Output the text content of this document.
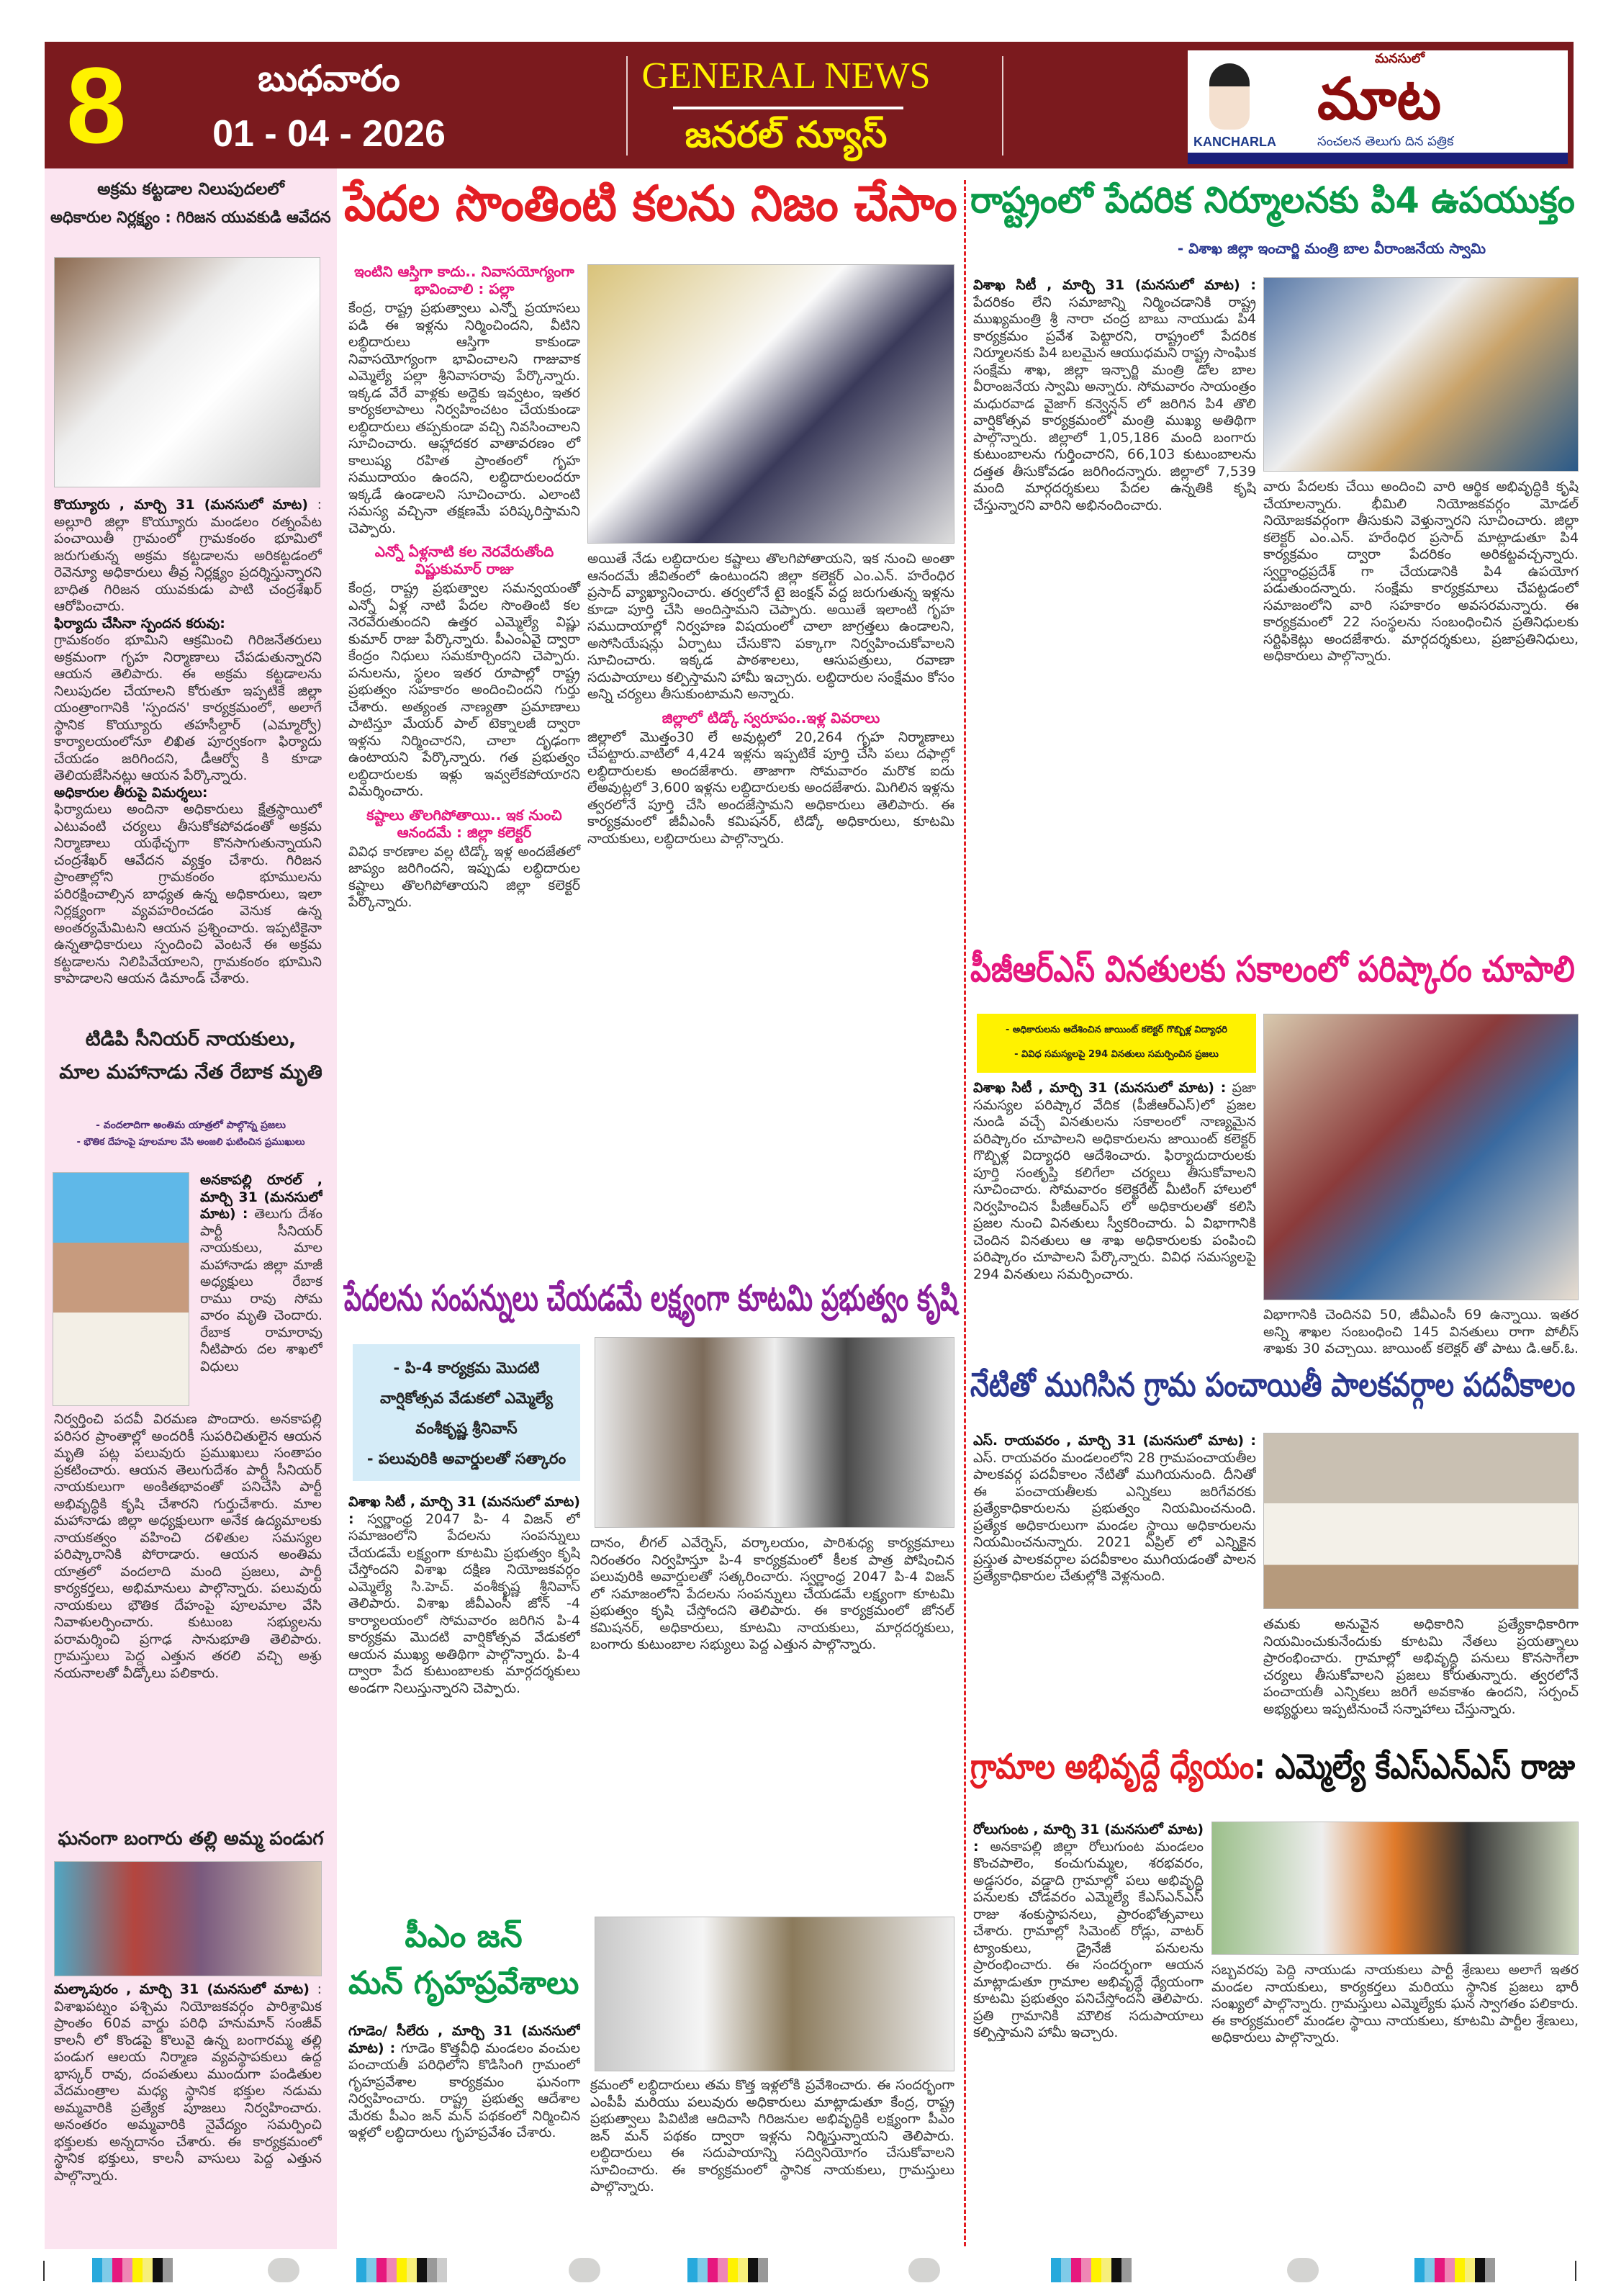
8	బుధవారం
01 - 04 - 2026
GENERAL NEWS
జనరల్ న్యూస్
మనసులో
మాట
KANCHARLA	సంచలన తెలుగు దిన పత్రిక
అక్రమ కట్టడాల నిలుపుదలలో
అధికారుల నిర్లక్ష్యం : గిరిజన యువకుడి ఆవేదన
కొయ్యూరు , మార్చి 31 (మనసులో మాట) : అల్లూరి జిల్లా కొయ్యూరు మండలం రత్నంపేట పంచాయితీ గ్రామంలో గ్రామకంఠం భూమిలో జరుగుతున్న అక్రమ కట్టడాలను అరికట్టడంలో రెవెన్యూ అధికారులు తీవ్ర నిర్లక్ష్యం ప్రదర్శిస్తున్నారని బాధిత గిరిజన యువకుడు పాటి చంద్రశేఖర్ ఆరోపించారు.
ఫిర్యాదు చేసినా స్పందన కరువు:
గ్రామకంఠం భూమిని ఆక్రమించి గిరిజనేతరులు అక్రమంగా గృహ నిర్మాణాలు చేపడుతున్నారని ఆయన తెలిపారు. ఈ అక్రమ కట్టడాలను నిలుపుదల చేయాలని కోరుతూ ఇప్పటికే జిల్లా యంత్రాంగానికి 'స్పందన' కార్యక్రమంలో, అలాగే స్థానిక కొయ్యూరు తహసీల్దార్ (ఎమ్మార్వో) కార్యాలయంలోనూ లిఖిత పూర్వకంగా ఫిర్యాదు చేయడం జరిగిందని, డీఆర్వో కి కూడా తెలియజేసినట్లు ఆయన పేర్కొన్నారు.
అధికారుల తీరుపై విమర్శలు:
ఫిర్యాదులు అందినా అధికారులు క్షేత్రస్థాయిలో ఎటువంటి చర్యలు తీసుకోకపోవడంతో అక్రమ నిర్మాణాలు యథేచ్ఛగా కొనసాగుతున్నాయని చంద్రశేఖర్ ఆవేదన వ్యక్తం చేశారు. గిరిజన ప్రాంతాల్లోని గ్రామకంఠం భూములను పరిరక్షించాల్సిన బాధ్యత ఉన్న అధికారులు, ఇలా నిర్లక్ష్యంగా వ్యవహరించడం వెనుక ఉన్న అంతర్యమేమిటని ఆయన ప్రశ్నించారు. ఇప్పటికైనా ఉన్నతాధికారులు స్పందించి వెంటనే ఈ అక్రమ కట్టడాలను నిలిపివేయాలని, గ్రామకంఠం భూమిని కాపాడాలని ఆయన డిమాండ్ చేశారు.
టిడిపి సీనియర్ నాయకులు,
మాల మహానాడు నేత రేబాక మృతి
- వందలాదిగా అంతిమ యాత్రలో పాల్గొన్న ప్రజలు
- భౌతిక దేహంపై పూలమాల వేసి అంజలి ఘటించిన ప్రముఖులు
అనకాపల్లి రూరల్ , మార్చి 31 (మనసులో మాట) : తెలుగు దేశం పార్టీ సీనియర్ నాయకులు, మాల మహానాడు జిల్లా మాజీ అధ్యక్షులు రేబాక రాము రావు సోమ వారం మృతి చెందారు. రేబాక రామారావు నీటిపారు దల శాఖలో విధులు
నిర్వర్తించి పదవీ విరమణ పొందారు. అనకాపల్లి పరిసర ప్రాంతాల్లో అందరికీ సుపరిచితులైన ఆయన మృతి పట్ల పలువురు ప్రముఖులు సంతాపం ప్రకటించారు. ఆయన తెలుగుదేశం పార్టీ సీనియర్ నాయకులుగా అంకితభావంతో పనిచేసి పార్టీ అభివృద్ధికి కృషి చేశారని గుర్తుచేశారు. మాల మహానాడు జిల్లా అధ్యక్షులుగా అనేక ఉద్యమాలకు నాయకత్వం వహించి దళితుల సమస్యల పరిష్కారానికి పోరాడారు. ఆయన అంతిమ యాత్రలో వందలాది మంది ప్రజలు, పార్టీ కార్యకర్తలు, అభిమానులు పాల్గొన్నారు. పలువురు నాయకులు భౌతిక దేహంపై పూలమాల వేసి నివాళులర్పించారు. కుటుంబ సభ్యులను పరామర్శించి ప్రగాఢ సానుభూతి తెలిపారు. గ్రామస్తులు పెద్ద ఎత్తున తరలి వచ్చి అశ్రు నయనాలతో వీడ్కోలు పలికారు.
ఘనంగా బంగారు తల్లి అమ్మ పండుగ
మల్కాపురం , మార్చి 31 (మనసులో మాట) : విశాఖపట్నం పశ్చిమ నియోజకవర్గం పారిశ్రామిక ప్రాంతం 60వ వార్డు పరిధి హనుమాన్ సంజీవ్ కాలనీ లో కొండపై కొలువై ఉన్న బంగారమ్మ తల్లి పండుగ ఆలయ నిర్మాణ వ్యవస్థాపకులు ఉద్ద భాస్కర్ రావు, దంపతులు ముందుగా పండితుల వేదమంత్రాల మధ్య స్థానిక భక్తుల నడుమ అమ్మవారికి ప్రత్యేక పూజలు నిర్వహించారు. అనంతరం అమ్మవారికి నైవేద్యం సమర్పించి భక్తులకు అన్నదానం చేశారు. ఈ కార్యక్రమంలో స్థానిక భక్తులు, కాలనీ వాసులు పెద్ద ఎత్తున పాల్గొన్నారు.
పేదల సొంతింటి కలను నిజం చేసాం
ఇంటిని ఆస్తిగా కాదు.. నివాసయోగ్యంగా భావించాలి : పల్లా
కేంద్ర, రాష్ట్ర ప్రభుత్వాలు ఎన్నో ప్రయాసలు పడి ఈ ఇళ్లను నిర్మించిందని, వీటిని లబ్ధిదారులు ఆస్తిగా కాకుండా నివాసయోగ్యంగా భావించాలని గాజువాక ఎమ్మెల్యే పల్లా శ్రీనివాసరావు పేర్కొన్నారు. ఇక్కడ వేరే వాళ్లకు అద్దెకు ఇవ్వటం, ఇతర కార్యకలాపాలు నిర్వహించటం చేయకుండా లబ్ధిదారులు తప్పకుండా వచ్చి నివసించాలని సూచించారు. ఆహ్లాదకర వాతావరణం లో కాలుష్య రహిత ప్రాంతంలో గృహ సముదాయం ఉందని, లబ్ధిదారులందరూ ఇక్కడే ఉండాలని సూచించారు. ఎలాంటి సమస్య వచ్చినా తక్షణమే పరిష్కరిస్తామని చెప్పారు.
ఎన్నో ఏళ్లనాటి కల నెరవేరుతోంది విష్ణుకుమార్ రాజు
కేంద్ర, రాష్ట్ర ప్రభుత్వాల సమన్వయంతో ఎన్నో ఏళ్ల నాటి పేదల సొంతింటి కల నెరవేరుతుందని ఉత్తర ఎమ్మెల్యే విష్ణు కుమార్ రాజు పేర్కొన్నారు. పీఎంఏవై ద్వారా కేంద్రం నిధులు సమకూర్చిందని చెప్పారు. పనులను, స్థలం ఇతర రూపాల్లో రాష్ట్ర ప్రభుత్వం సహకారం అందించిందని గుర్తు చేశారు. అత్యంత నాణ్యతా ప్రమాణాలు పాటిస్తూ మేయర్ పాల్ టెక్నాలజీ ద్వారా ఇళ్లను నిర్మించారని, చాలా దృఢంగా ఉంటాయని పేర్కొన్నారు. గత ప్రభుత్వం లబ్ధిదారులకు ఇళ్లు ఇవ్వలేకపోయారని విమర్శించారు.
కష్టాలు తొలగిపోతాయి.. ఇక నుంచి ఆనందమే : జిల్లా కలెక్టర్
వివిధ కారణాల వల్ల టిడ్కో ఇళ్ల అందజేతలో జాప్యం జరిగిందని, ఇప్పుడు లబ్ధిదారుల కష్టాలు తొలగిపోతాయని జిల్లా కలెక్టర్ పేర్కొన్నారు.
అయితే నేడు లబ్ధిదారుల కష్టాలు తొలగిపోతాయని, ఇక నుంచి అంతా ఆనందమే జీవితంలో ఉంటుందని జిల్లా కలెక్టర్ ఎం.ఎన్. హరేంధిర ప్రసాద్ వ్యాఖ్యానించారు. తర్వలోనే టై జంక్షన్ వద్ద జరుగుతున్న ఇళ్లను కూడా పూర్తి చేసి అందిస్తామని చెప్పారు. అయితే ఇలాంటి గృహ సముదాయాల్లో నిర్వహణ విషయంలో చాలా జాగ్రత్తలు ఉండాలని, అసోసియేషన్లు ఏర్పాటు చేసుకొని పక్కాగా నిర్వహించుకోవాలని సూచించారు. ఇక్కడ పాఠశాలలు, ఆసుపత్రులు, రవాణా సదుపాయాలు కల్పిస్తామని హామీ ఇచ్చారు. లబ్ధిదారుల సంక్షేమం కోసం అన్ని చర్యలు తీసుకుంటామని అన్నారు.
జిల్లాలో టిడ్కో స్వరూపం..ఇళ్ల వివరాలు
జిల్లాలో మొత్తం30 లే అవుట్లలో 20,264 గృహ నిర్మాణాలు చేపట్టారు.వాటిలో 4,424 ఇళ్లను ఇప్పటికే పూర్తి చేసి పలు దఫాల్లో లబ్ధిదారులకు అందజేశారు. తాజాగా సోమవారం మరొక ఐదు లేఅవుట్లలో 3,600 ఇళ్లను లబ్ధిదారులకు అందజేశారు. మిగిలిన ఇళ్లను త్వరలోనే పూర్తి చేసి అందజేస్తామని అధికారులు తెలిపారు. ఈ కార్యక్రమంలో జీవీఎంసీ కమిషనర్, టిడ్కో అధికారులు, కూటమి నాయకులు, లబ్ధిదారులు పాల్గొన్నారు.
పేదలను సంపన్నులు చేయడమే లక్ష్యంగా కూటమి ప్రభుత్వం కృషి
- పి-4 కార్యక్రమ మొదటి
వార్షికోత్సవ వేడుకలో ఎమ్మెల్యే
వంశీకృష్ణ శ్రీనివాస్
- పలువురికి అవార్డులతో సత్కారం
విశాఖ సిటీ , మార్చి 31 (మనసులో మాట) : స్వర్ణాంధ్ర 2047 పి- 4 విజన్ లో సమాజంలోని పేదలను సంపన్నులు చేయడమే లక్ష్యంగా కూటమి ప్రభుత్వం కృషి చేస్తోందని విశాఖ దక్షిణ నియోజకవర్గం ఎమ్మెల్యే సి.హెచ్. వంశీకృష్ణ శ్రీనివాస్ తెలిపారు. విశాఖ జీవీఎంసీ జోన్ -4 కార్యాలయంలో సోమవారం జరిగిన పి-4 కార్యక్రమ మొదటి వార్షికోత్సవ వేడుకలో ఆయన ముఖ్య అతిథిగా పాల్గొన్నారు. పి-4 ద్వారా పేద కుటుంబాలకు మార్గదర్శకులు అండగా నిలుస్తున్నారని చెప్పారు.
దానం, లీగల్ ఎవేర్నెస్, వర్కాలయం, పారిశుధ్య కార్యక్రమాలు నిరంతరం నిర్వహిస్తూ పి-4 కార్యక్రమంలో కీలక పాత్ర పోషించిన పలువురికి అవార్డులతో సత్కరించారు. స్వర్ణాంధ్ర 2047 పి-4 విజన్ లో సమాజంలోని పేదలను సంపన్నులు చేయడమే లక్ష్యంగా కూటమి ప్రభుత్వం కృషి చేస్తోందని తెలిపారు. ఈ కార్యక్రమంలో జోనల్ కమిషనర్, అధికారులు, కూటమి నాయకులు, మార్గదర్శకులు, బంగారు కుటుంబాల సభ్యులు పెద్ద ఎత్తున పాల్గొన్నారు.
పీఎం జన్
మన్ గృహప్రవేశాలు
గూడెం/ సీలేరు , మార్చి 31 (మనసులో మాట) : గూడెం కొత్తవీధి మండలం వంచుల పంచాయతీ పరిధిలోని కొడిసింగి గ్రామంలో గృహప్రవేశాల కార్యక్రమం ఘనంగా నిర్వహించారు. రాష్ట్ర ప్రభుత్వ ఆదేశాల మేరకు పీఎం జన్ మన్ పథకంలో నిర్మించిన ఇళ్లలో లబ్ధిదారులు గృహప్రవేశం చేశారు.
క్రమంలో లబ్ధిదారులు తమ కొత్త ఇళ్లలోకి ప్రవేశించారు. ఈ సందర్భంగా ఎంపీపీ మరియు పలువురు అధికారులు మాట్లాడుతూ కేంద్ర, రాష్ట్ర ప్రభుత్వాలు పివిటిజి ఆదివాసి గిరిజనుల అభివృద్ధికి లక్ష్యంగా పీఎం జన్ మన్ పథకం ద్వారా ఇళ్లను నిర్మిస్తున్నాయని తెలిపారు. లబ్ధిదారులు ఈ సదుపాయాన్ని సద్వినియోగం చేసుకోవాలని సూచించారు. ఈ కార్యక్రమంలో స్థానిక నాయకులు, గ్రామస్తులు పాల్గొన్నారు.
రాష్ట్రంలో పేదరిక నిర్మూలనకు పి4 ఉపయుక్తం
- విశాఖ జిల్లా ఇంచార్జి మంత్రి బాల వీరాంజనేయ స్వామి
విశాఖ సిటీ , మార్చి 31 (మనసులో మాట) : పేదరికం లేని సమాజాన్ని నిర్మించడానికి రాష్ట్ర ముఖ్యమంత్రి శ్రీ నారా చంద్ర బాబు నాయుడు పి4 కార్యక్రమం ప్రవేశ పెట్టారని, రాష్ట్రంలో పేదరిక నిర్మూలనకు పి4 బలమైన ఆయుధమని రాష్ట్ర సాంఘిక సంక్షేమ శాఖ, జిల్లా ఇన్చార్జి మంత్రి డోల బాల వీరాంజనేయ స్వామి అన్నారు. సోమవారం సాయంత్రం మధురవాడ వైజాగ్ కన్వెన్షన్ లో జరిగిన పి4 తొలి వార్షికోత్సవ కార్యక్రమంలో మంత్రి ముఖ్య అతిథిగా పాల్గొన్నారు. జిల్లాలో 1,05,186 మంది బంగారు కుటుంబాలను గుర్తించారని, 66,103 కుటుంబాలను దత్తత తీసుకోవడం జరిగిందన్నారు. జిల్లాలో 7,539 మంది మార్గదర్శకులు పేదల ఉన్నతికి కృషి చేస్తున్నారని వారిని అభినందించారు.
వారు పేదలకు చేయి అందించి వారి ఆర్థిక అభివృద్ధికి కృషి చేయాలన్నారు. భీమిలి నియోజకవర్గం మోడల్ నియోజకవర్గంగా తీసుకుని వెళ్తున్నారని సూచించారు. జిల్లా కలెక్టర్ ఎం.ఎన్. హరేంధిర ప్రసాద్ మాట్లాడుతూ పి4 కార్యక్రమం ద్వారా పేదరికం అరికట్టవచ్చన్నారు. స్వర్ణాంధ్రప్రదేశ్ గా చేయడానికి పి4 ఉపయోగ పడుతుందన్నారు. సంక్షేమ కార్యక్రమాలు చేపట్టడంలో సమాజంలోని వారి సహకారం అవసరమన్నారు. ఈ కార్యక్రమంలో 22 సంస్థలను సంబంధించిన ప్రతినిధులకు సర్టిఫికెట్లు అందజేశారు. మార్గదర్శకులు, ప్రజాప్రతినిధులు, అధికారులు పాల్గొన్నారు.
పీజీఆర్ఎస్ వినతులకు సకాలంలో పరిష్కారం చూపాలి
- అధికారులను ఆదేశించిన జాయింట్ కలెక్టర్ గొబ్బిళ్ల విద్యాధరి
- వివిధ సమస్యలపై 294 వినతులు సమర్పించిన ప్రజలు
విశాఖ సిటీ , మార్చి 31 (మనసులో మాట) : ప్రజా సమస్యల పరిష్కార వేదిక (పీజీఆర్ఎస్)లో ప్రజల నుండి వచ్చే వినతులను సకాలంలో నాణ్యమైన పరిష్కారం చూపాలని అధికారులను జాయింట్ కలెక్టర్ గొబ్బిళ్ల విద్యాధరి ఆదేశించారు. ఫిర్యాదుదారులకు పూర్తి సంతృప్తి కలిగేలా చర్యలు తీసుకోవాలని సూచించారు. సోమవారం కలెక్టరేట్ మీటింగ్ హాలులో నిర్వహించిన పీజీఆర్ఎస్ లో అధికారులతో కలిసి ప్రజల నుంచి వినతులు స్వీకరించారు. ఏ విభాగానికి చెందిన వినతులు ఆ శాఖ అధికారులకు పంపించి పరిష్కారం చూపాలని పేర్కొన్నారు. వివిధ సమస్యలపై 294 వినతులు సమర్పించారు.
విభాగానికి చెందినవి 50, జీవీఎంసీ 69 ఉన్నాయి. ఇతర అన్ని శాఖల సంబంధించి 145 వినతులు రాగా పోలీస్ శాఖకు 30 వచ్చాయి. జాయింట్ కలెక్టర్ తో పాటు డి.ఆర్.ఓ.
నేటితో ముగిసిన గ్రామ పంచాయితీ పాలకవర్గాల పదవీకాలం
ఎస్. రాయవరం , మార్చి 31 (మనసులో మాట) : ఎస్. రాయవరం మండలంలోని 28 గ్రామపంచాయతీల పాలకవర్గ పదవీకాలం నేటితో ముగియనుంది. దీనితో ఈ పంచాయతీలకు ఎన్నికలు జరిగేవరకు ప్రత్యేకాధికారులను ప్రభుత్వం నియమించనుంది. ప్రత్యేక అధికారులుగా మండల స్థాయి అధికారులను నియమించనున్నారు. 2021 ఏప్రిల్ లో ఎన్నికైన ప్రస్తుత పాలకవర్గాల పదవీకాలం ముగియడంతో పాలన ప్రత్యేకాధికారుల చేతుల్లోకి వెళ్లనుంది.
తమకు అనువైన అధికారిని ప్రత్యేకాధికారిగా నియమించుకునేందుకు కూటమి నేతలు ప్రయత్నాలు ప్రారంభించారు. గ్రామాల్లో అభివృద్ధి పనులు కొనసాగేలా చర్యలు తీసుకోవాలని ప్రజలు కోరుతున్నారు. త్వరలోనే పంచాయతీ ఎన్నికలు జరిగే అవకాశం ఉందని, సర్పంచ్ అభ్యర్థులు ఇప్పటినుంచే సన్నాహాలు చేస్తున్నారు.
గ్రామాల అభివృద్దే ధ్యేయం: ఎమ్మెల్యే కేఎస్ఎన్ఎస్ రాజు
రోలుగుంట , మార్చి 31 (మనసులో మాట) : అనకాపల్లి జిల్లా రోలుగుంట మండలం కొంచపాలెం, కంచుగుమ్మల, శరభవరం, అడ్డసరం, వడ్డాది గ్రామాల్లో పలు అభివృద్ధి పనులకు చోడవరం ఎమ్మెల్యే కేఎస్ఎన్ఎస్ రాజు శంకుస్థాపనలు, ప్రారంభోత్సవాలు చేశారు. గ్రామాల్లో సిమెంట్ రోడ్లు, వాటర్ ట్యాంకులు, డ్రైనేజీ పనులను ప్రారంభించారు. ఈ సందర్భంగా ఆయన మాట్లాడుతూ గ్రామాల అభివృద్ధే ధ్యేయంగా కూటమి ప్రభుత్వం పనిచేస్తోందని తెలిపారు. ప్రతి గ్రామానికి మౌలిక సదుపాయాలు కల్పిస్తామని హామీ ఇచ్చారు.
సబ్బవరపు పెద్ది నాయుడు నాయకులు పార్టీ శ్రేణులు అలాగే ఇతర మండల నాయకులు, కార్యకర్తలు మరియు స్థానిక ప్రజలు భారీ సంఖ్యలో పాల్గొన్నారు. గ్రామస్తులు ఎమ్మెల్యేకు ఘన స్వాగతం పలికారు. ఈ కార్యక్రమంలో మండల స్థాయి నాయకులు, కూటమి పార్టీల శ్రేణులు, అధికారులు పాల్గొన్నారు.
